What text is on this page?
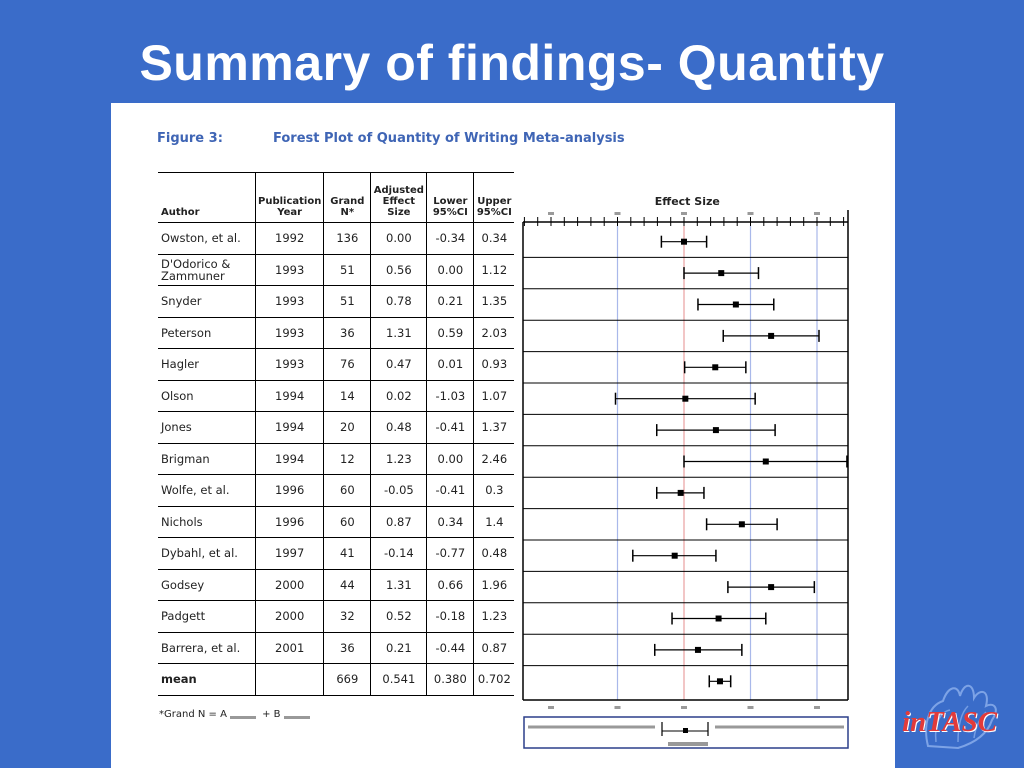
Summary of findings- Quantity
Figure 3:	Forest Plot of Quantity of Writing Meta-analysis
Author	Publication Year	Grand N*	Adjusted Effect Size	Lower 95%CI	Upper 95%CI
Owston, et al.	1992	136	0.00	-0.34	0.34
D'Odorico & Zammuner	1993	51	0.56	0.00	1.12
Snyder	1993	51	0.78	0.21	1.35
Peterson	1993	36	1.31	0.59	2.03
Hagler	1993	76	0.47	0.01	0.93
Olson	1994	14	0.02	-1.03	1.07
Jones	1994	20	0.48	-0.41	1.37
Brigman	1994	12	1.23	0.00	2.46
Wolfe, et al.	1996	60	-0.05	-0.41	0.3
Nichols	1996	60	0.87	0.34	1.4
Dybahl, et al.	1997	41	-0.14	-0.77	0.48
Godsey	2000	44	1.31	0.66	1.96
Padgett	2000	32	0.52	-0.18	1.23
Barrera, et al.	2001	36	0.21	-0.44	0.87
mean		669	0.541	0.380	0.702
*Grand N = A	+ B
Effect Size
inTASC
